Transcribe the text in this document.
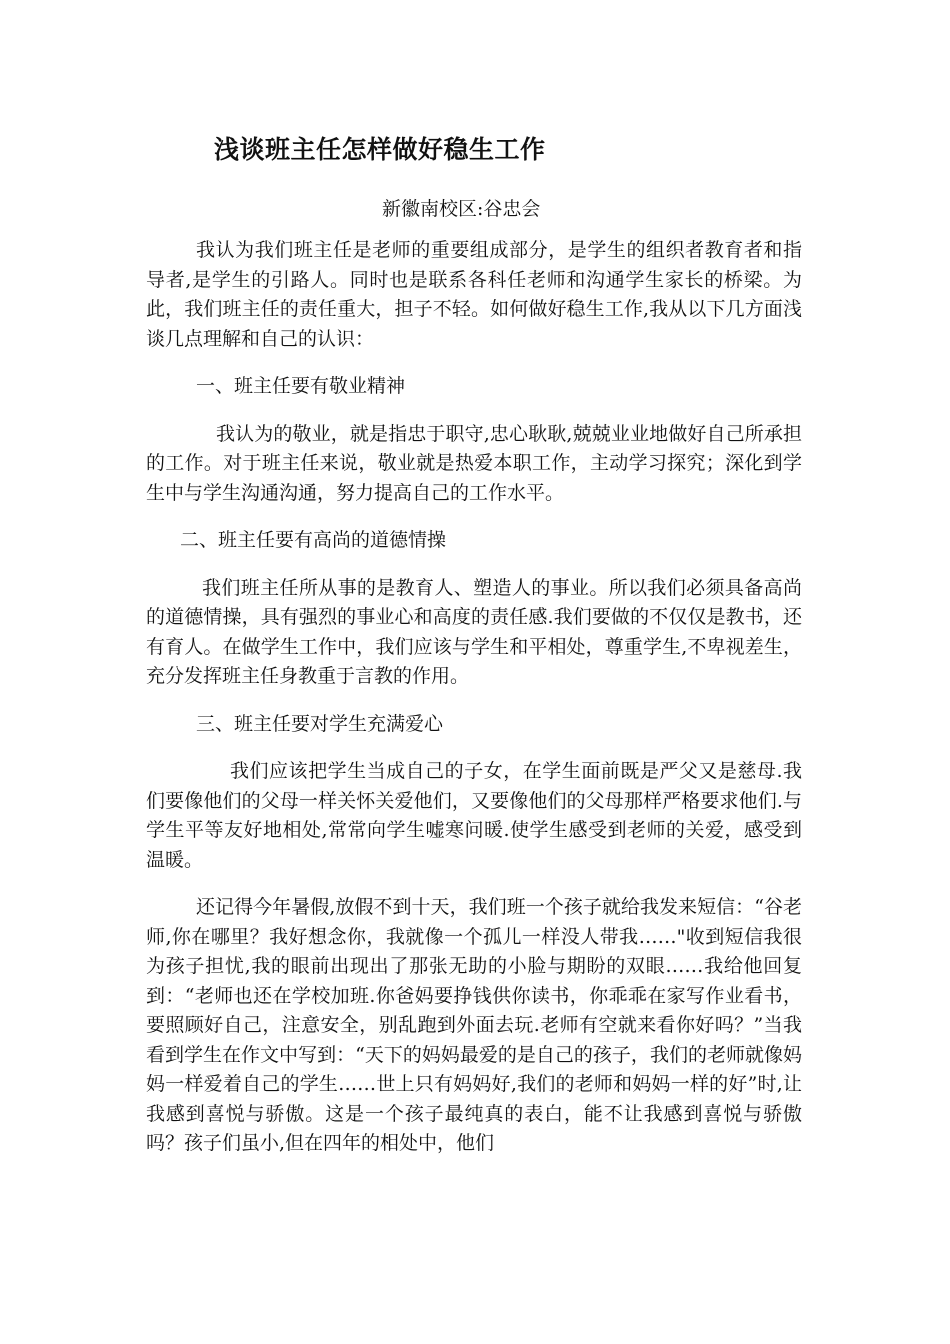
浅谈班主任怎样做好稳生工作

新徽南校区:谷忠会

我认为我们班主任是老师的重要组成部分，是学生的组织者教育者和指导者,是学生的引路人。同时也是联系各科任老师和沟通学生家长的桥梁。为此，我们班主任的责任重大，担子不轻。如何做好稳生工作,我从以下几方面浅谈几点理解和自己的认识：

一、班主任要有敬业精神

我认为的敬业，就是指忠于职守,忠心耿耿,兢兢业业地做好自己所承担的工作。对于班主任来说，敬业就是热爱本职工作，主动学习探究；深化到学生中与学生沟通沟通，努力提高自己的工作水平。

二、班主任要有高尚的道德情操

我们班主任所从事的是教育人、塑造人的事业。所以我们必须具备高尚的道德情操，具有强烈的事业心和高度的责任感.我们要做的不仅仅是教书，还有育人。在做学生工作中，我们应该与学生和平相处，尊重学生,不卑视差生，充分发挥班主任身教重于言教的作用。

三、班主任要对学生充满爱心

我们应该把学生当成自己的子女，在学生面前既是严父又是慈母.我们要像他们的父母一样关怀关爱他们，又要像他们的父母那样严格要求他们.与学生平等友好地相处,常常向学生嘘寒问暖.使学生感受到老师的关爱，感受到温暖。

还记得今年暑假,放假不到十天，我们班一个孩子就给我发来短信：“谷老师,你在哪里？我好想念你，我就像一个孤儿一样没人带我……"收到短信我很为孩子担忧,我的眼前出现出了那张无助的小脸与期盼的双眼……我给他回复到：“老师也还在学校加班.你爸妈要挣钱供你读书，你乖乖在家写作业看书，要照顾好自己，注意安全，别乱跑到外面去玩.老师有空就来看你好吗？”当我看到学生在作文中写到：“天下的妈妈最爱的是自己的孩子，我们的老师就像妈妈一样爱着自己的学生……世上只有妈妈好,我们的老师和妈妈一样的好”时,让我感到喜悦与骄傲。这是一个孩子最纯真的表白，能不让我感到喜悦与骄傲吗？孩子们虽小,但在四年的相处中，他们
